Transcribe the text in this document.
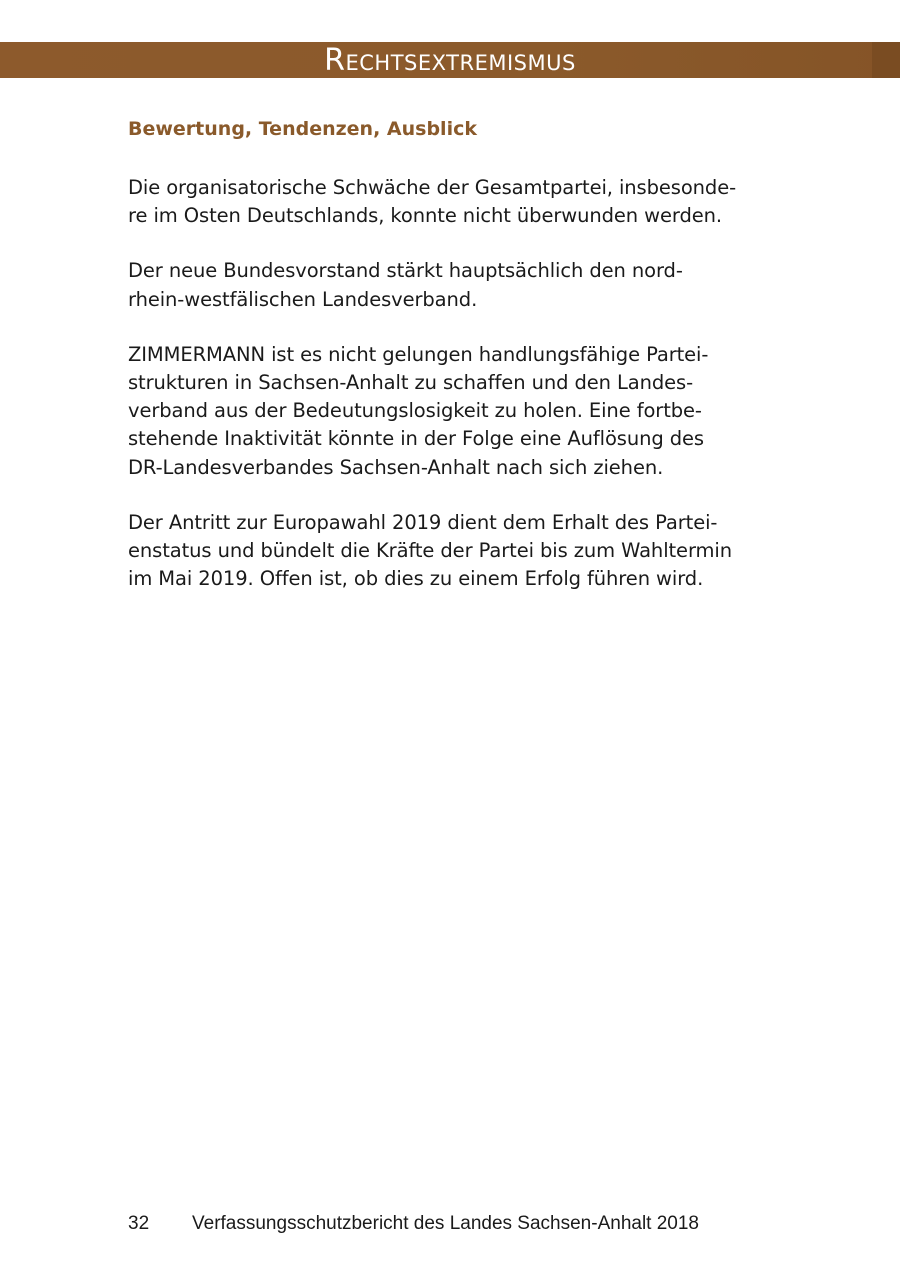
Rechtsextremismus
Bewertung, Tendenzen, Ausblick

Die organisatorische Schwäche der Gesamtpartei, insbesonde-
re im Osten Deutschlands, konnte nicht überwunden werden.

Der neue Bundesvorstand stärkt hauptsächlich den nord-
rhein-westfälischen Landesverband.

ZIMMERMANN ist es nicht gelungen handlungsfähige Partei-
strukturen in Sachsen-Anhalt zu schaffen und den Landes-
verband aus der Bedeutungslosigkeit zu holen. Eine fortbe-
stehende Inaktivität könnte in der Folge eine Auflösung des
DR-Landesverbandes Sachsen-Anhalt nach sich ziehen.

Der Antritt zur Europawahl 2019 dient dem Erhalt des Partei-
enstatus und bündelt die Kräfte der Partei bis zum Wahltermin
im Mai 2019. Offen ist, ob dies zu einem Erfolg führen wird.

32 Verfassungsschutzbericht des Landes Sachsen-Anhalt 2018
